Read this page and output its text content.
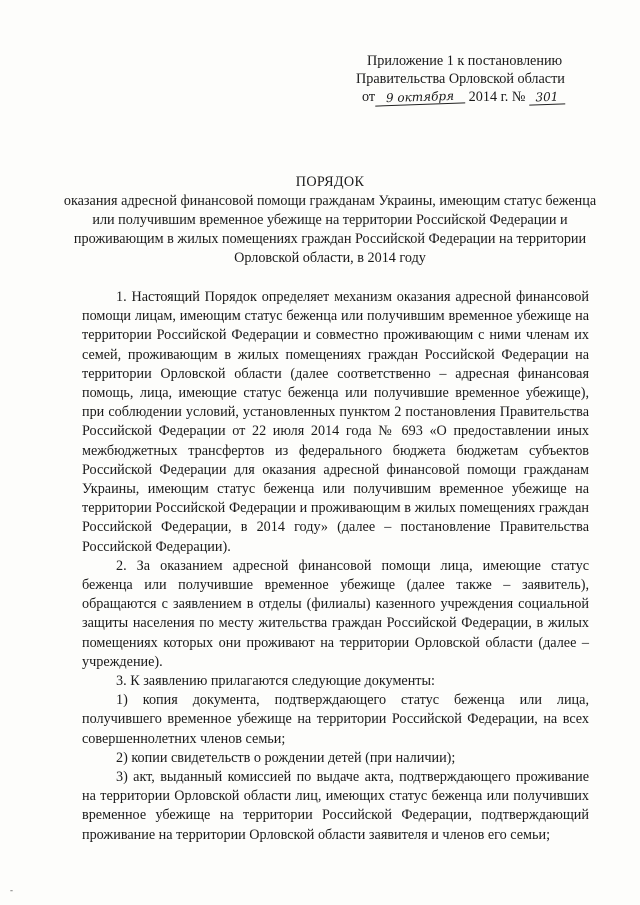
Приложение 1 к постановлению
Правительства Орловской области
от 9 октября 2014 г. № 301
ПОРЯДОК
оказания адресной финансовой помощи гражданам Украины, имеющим статус беженца или получившим временное убежище на территории Российской Федерации и проживающим в жилых помещениях граждан Российской Федерации на территории Орловской области, в 2014 году

1. Настоящий Порядок определяет механизм оказания адресной финансовой помощи лицам, имеющим статус беженца или получившим временное убежище на территории Российской Федерации и совместно проживающим с ними членам их семей, проживающим в жилых помещениях граждан Российской Федерации на территории Орловской области (далее соответственно – адресная финансовая помощь, лица, имеющие статус беженца или получившие временное убежище), при соблюдении условий, установленных пунктом 2 постановления Правительства Российской Федерации от 22 июля 2014 года № 693 «О предоставлении иных межбюджетных трансфертов из федерального бюджета бюджетам субъектов Российской Федерации для оказания адресной финансовой помощи гражданам Украины, имеющим статус беженца или получившим временное убежище на территории Российской Федерации и проживающим в жилых помещениях граждан Российской Федерации, в 2014 году» (далее – постановление Правительства Российской Федерации).

2. За оказанием адресной финансовой помощи лица, имеющие статус беженца или получившие временное убежище (далее также – заявитель), обращаются с заявлением в отделы (филиалы) казенного учреждения социальной защиты населения по месту жительства граждан Российской Федерации, в жилых помещениях которых они проживают на территории Орловской области (далее – учреждение).

3. К заявлению прилагаются следующие документы:

1) копия документа, подтверждающего статус беженца или лица, получившего временное убежище на территории Российской Федерации, на всех совершеннолетних членов семьи;

2) копии свидетельств о рождении детей (при наличии);

3) акт, выданный комиссией по выдаче акта, подтверждающего проживание на территории Орловской области лиц, имеющих статус беженца или получивших временное убежище на территории Российской Федерации, подтверждающий проживание на территории Орловской области заявителя и членов его семьи;

-
